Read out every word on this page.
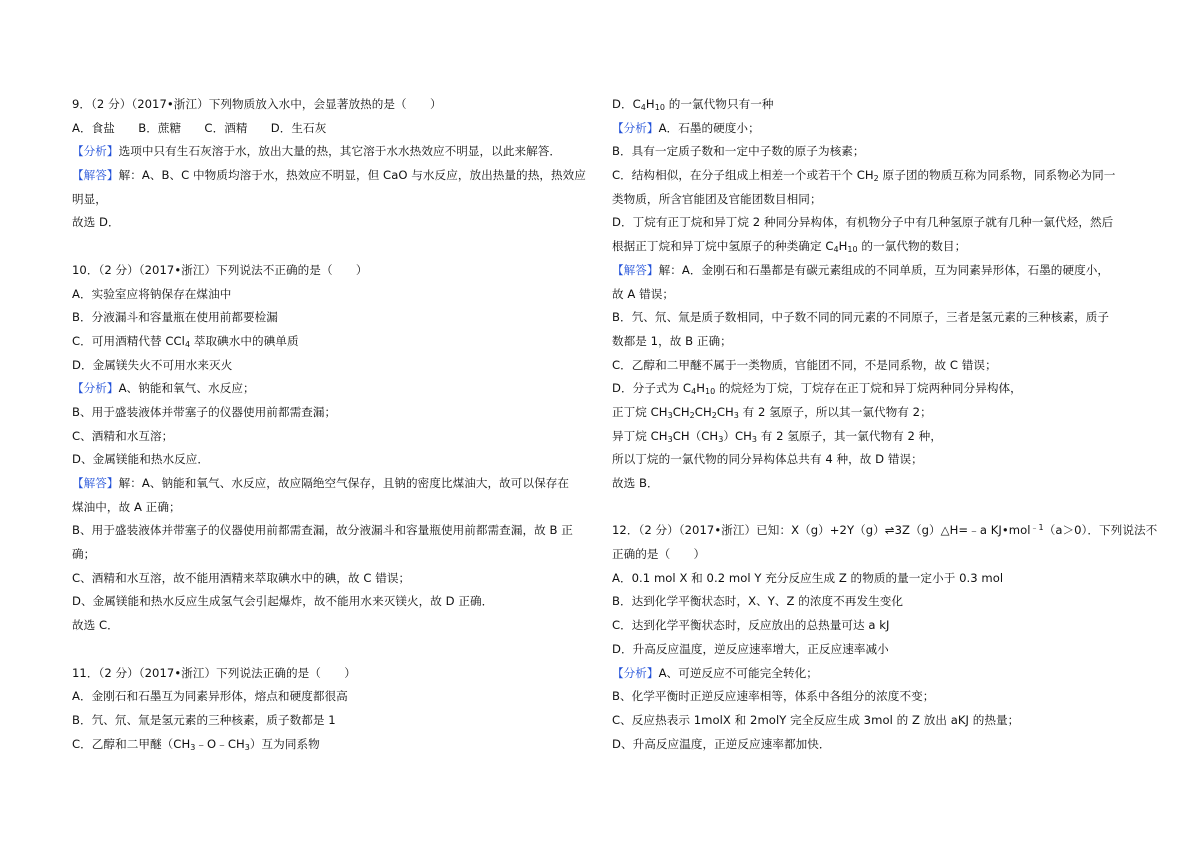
9．（2 分）（2017•浙江）下列物质放入水中，会显著放热的是（　　）
A．食盐　　B．蔗糖　　C．酒精　　D．生石灰
【分析】选项中只有生石灰溶于水，放出大量的热，其它溶于水水热效应不明显，以此来解答．
【解答】解：A、B、C 中物质均溶于水，热效应不明显，但 CaO 与水反应，放出热量的热，热效应
明显，
故选 D．
10．（2 分）（2017•浙江）下列说法不正确的是（　　）
A．实验室应将钠保存在煤油中
B．分液漏斗和容量瓶在使用前都要检漏
C．可用酒精代替 CCl$_4$ 萃取碘水中的碘单质
D．金属镁失火不可用水来灭火
【分析】A、钠能和氧气、水反应；
B、用于盛装液体并带塞子的仪器使用前都需查漏；
C、酒精和水互溶；
D、金属镁能和热水反应．
【解答】解：A、钠能和氧气、水反应，故应隔绝空气保存，且钠的密度比煤油大，故可以保存在
煤油中，故 A 正确；
B、用于盛装液体并带塞子的仪器使用前都需查漏，故分液漏斗和容量瓶使用前都需查漏，故 B 正
确；
C、酒精和水互溶，故不能用酒精来萃取碘水中的碘，故 C 错误；
D、金属镁能和热水反应生成氢气会引起爆炸，故不能用水来灭镁火，故 D 正确．
故选 C．
11．（2 分）（2017•浙江）下列说法正确的是（　　）
A．金刚石和石墨互为同素异形体，熔点和硬度都很高
B．氕、氘、氚是氢元素的三种核素，质子数都是 1
C．乙醇和二甲醚$(CH_3﹣O﹣CH_3)$互为同系物
D．$C_4H_{10}$ 的一氯代物只有一种
【分析】A．石墨的硬度小；
B．具有一定质子数和一定中子数的原子为核素；
C．结构相似，在分子组成上相差一个或若干个 $CH_2$ 原子团的物质互称为同系物，同系物必为同一
类物质，所含官能团及官能团数目相同；
D．丁烷有正丁烷和异丁烷 2 种同分异构体，有机物分子中有几种氢原子就有几种一氯代烃，然后
根据正丁烷和异丁烷中氢原子的种类确定 $C_4H_{10}$ 的一氯代物的数目；
【解答】解：A．金刚石和石墨都是有碳元素组成的不同单质，互为同素异形体，石墨的硬度小，
故 A 错误；
B．氕、氘、氚是质子数相同，中子数不同的同元素的不同原子，三者是氢元素的三种核素，质子
数都是 1，故 B 正确；
C．乙醇和二甲醚不属于一类物质，官能团不同，不是同系物，故 C 错误；
D．分子式为 $C_4H_{10}$ 的烷烃为丁烷，丁烷存在正丁烷和异丁烷两种同分异构体，
正丁烷 $CH_3CH_2CH_2CH_3$ 有 2 氢原子，所以其一氯代物有 2；
异丁烷 $CH_3CH(CH_3)CH_3$ 有 2 氢原子，其一氯代物有 2 种，
所以丁烷的一氯代物的同分异构体总共有 4 种，故 D 错误；
故选 B．
12．（2 分）（2017•浙江）已知：X（g）+2Y（g）⇌3Z（g）△H=﹣a KJ•mol$^{﹣1}$（a＞0）．下列说法不
正确的是（　　）
A．0.1 mol X 和 0.2 mol Y 充分反应生成 Z 的物质的量一定小于 0.3 mol
B．达到化学平衡状态时，X、Y、Z 的浓度不再发生变化
C．达到化学平衡状态时，反应放出的总热量可达 a kJ
D．升高反应温度，逆反应速率增大，正反应速率减小
【分析】A、可逆反应不可能完全转化；
B、化学平衡时正逆反应速率相等，体系中各组分的浓度不变；
C、反应热表示 1molX 和 2molY 完全反应生成 3mol 的 Z 放出 aKJ 的热量；
D、升高反应温度，正逆反应速率都加快．
